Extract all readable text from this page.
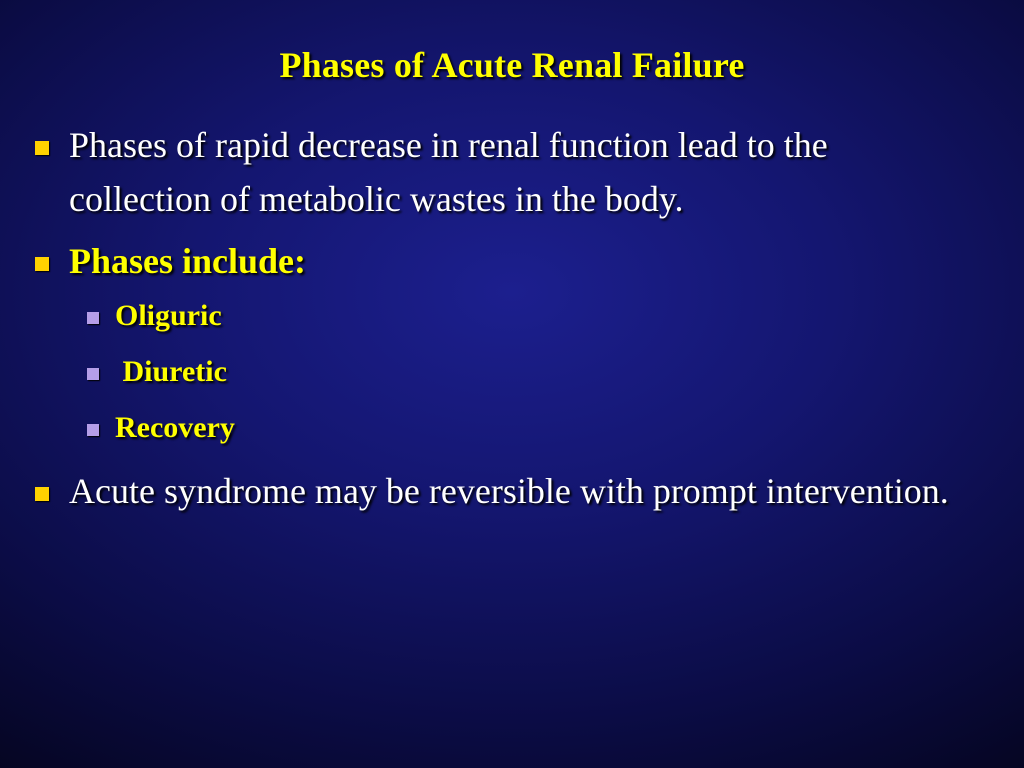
Phases of Acute Renal Failure
Phases of rapid decrease in renal function lead to the collection of metabolic wastes in the body.
Phases include:
Oliguric
Diuretic
Recovery
Acute syndrome may be reversible with prompt intervention.
